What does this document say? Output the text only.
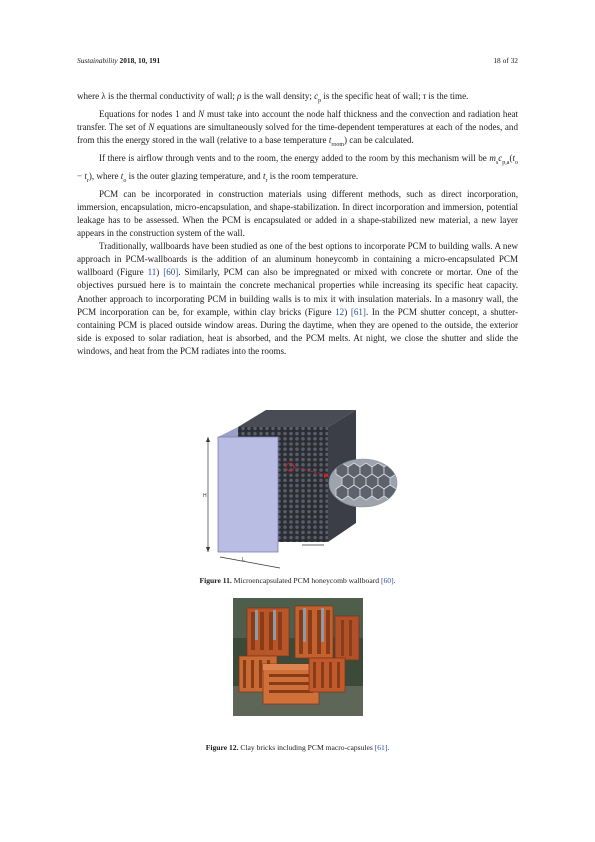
Sustainability 2018, 10, 191	18 of 32

where λ is the thermal conductivity of wall; ρ is the wall density; $c_p$ is the specific heat of wall; τ is the time.

Equations for nodes 1 and N must take into account the node half thickness and the convection and radiation heat transfer. The set of N equations are simultaneously solved for the time-dependent temperatures at each of the nodes, and from this the energy stored in the wall (relative to a base temperature $t_{room}$) can be calculated.

If there is airflow through vents and to the room, the energy added to the room by this mechanism will be $m_sc_{p,a}(t_o - t_r)$, where $t_o$ is the outer glazing temperature, and $t_r$ is the room temperature.

PCM can be incorporated in construction materials using different methods, such as direct incorporation, immersion, encapsulation, micro-encapsulation, and shape-stabilization. In direct incorporation and immersion, potential leakage has to be assessed. When the PCM is encapsulated or added in a shape-stabilized new material, a new layer appears in the construction system of the wall.

Traditionally, wallboards have been studied as one of the best options to incorporate PCM to building walls. A new approach in PCM-wallboards is the addition of an aluminum honeycomb in containing a micro-encapsulated PCM wallboard (Figure 11) [60]. Similarly, PCM can also be impregnated or mixed with concrete or mortar. One of the objectives pursued here is to maintain the concrete mechanical properties while increasing its specific heat capacity. Another approach to incorporating PCM in building walls is to mix it with insulation materials. In a masonry wall, the PCM incorporation can be, for example, within clay bricks (Figure 12) [61]. In the PCM shutter concept, a shutter-containing PCM is placed outside window areas. During the daytime, when they are opened to the outside, the exterior side is exposed to solar radiation, heat is absorbed, and the PCM melts. At night, we close the shutter and slide the windows, and heat from the PCM radiates into the rooms.

H
L
W
Figure 11. Microencapsulated PCM honeycomb wallboard [60].
Figure 12. Clay bricks including PCM macro-capsules [61].
